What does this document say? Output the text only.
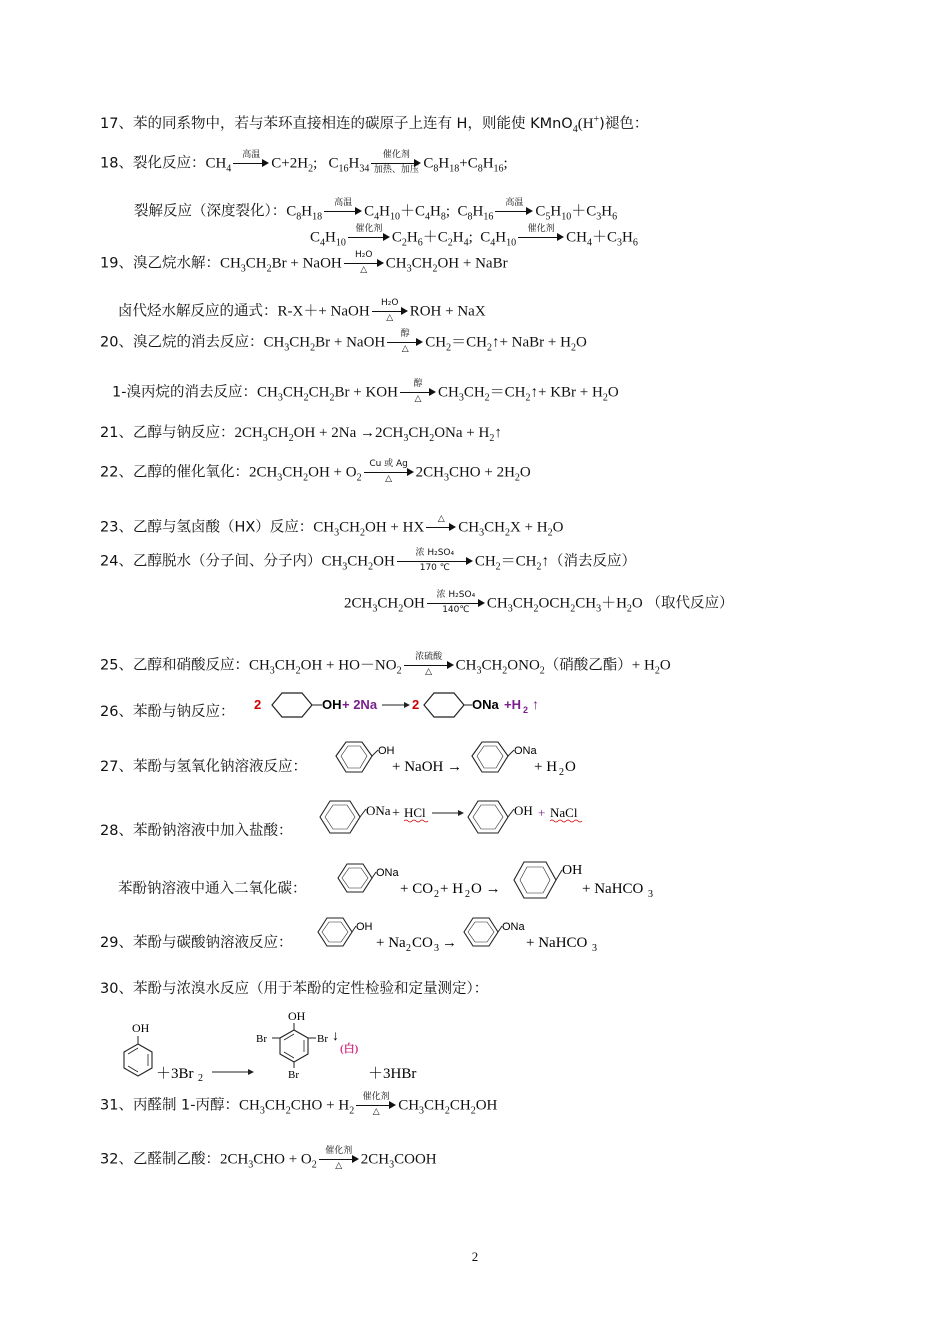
17、苯的同系物中，若与苯环直接相连的碳原子上连有 H，则能使 KMnO$_4$(H+)褪色：
18、裂化反应：$CH_4$
高温
$C+2H_2$;   $C_{16}H_{34}$
催化剂
加热、加压 $C_8H_{18}+C_8H_{16}$;
裂解反应（深度裂化）：$C_8H_{18}$
高温
$C_4H_{10}+C_4H_8$;  $C_8H_{16}$
高温
$C_5H_{10}+C_3H_6$
$C_4H_{10}$
催化剂
$C_2H_6+C_2H_4$;  $C_4H_{10}$
催化剂
$CH_4+C_3H_6$
19、溴乙烷水解：$CH_3CH_2Br$ + NaOH
H₂O
△	$CH_3CH_2OH$ + NaBr
卤代烃水解反应的通式：R-X＋+ NaOH
H₂O
△	ROH + NaX
20、溴乙烷的消去反应：$CH_3CH_2Br$ + NaOH
醇
△	$CH_2=CH_2↑+$ NaBr + $H_2O$
1-溴丙烷的消去反应：$CH_3CH_2CH_2Br$ + KOH
醇
△	$CH_3CH_2=CH_2↑+$ KBr + $H_2O$
21、乙醇与钠反应：$2CH_3CH_2OH + 2Na \to 2CH_3CH_2ONa$ + $H_2↑$
22、乙醇的催化氧化：$2CH_3CH_2OH + O_2$
Cu 或 Ag
△	$2CH_3CHO + 2H_2O$
23、乙醇与氢卤酸（HX）反应：$CH_3CH_2OH$ + HX
△
$CH_3CH_2X + H_2O$
24、乙醇脱水（分子间、分子内）$CH_3CH_2OH$
浓 H₂SO₄
170 ℃	$CH_2=CH_2↑$（消去反应）
$2CH_3CH_2OH$
浓 H₂SO₄
140℃	$CH_3CH_2OCH_2CH_3+H_2O$ （取代反应）
25、乙醇和硝酸反应：$CH_3CH_2OH + HO-NO_2$
浓硫酸
△	$CH_3CH_2ONO_2$（硝酸乙酯）+ $H_2O$
26、苯酚与钠反应： 2	OH + 2Na	2	ONa +H 2 ↑
27、苯酚与氢氧化钠溶液反应：
OH
+ NaOH →
ONa
+ H 2 O
28、苯酚钠溶液中加入盐酸：
ONa + HCl	OH + NaCl
苯酚钠溶液中通入二氧化碳：
ONa
+ CO 2 + H 2 O →
OH
+ NaHCO 3
29、苯酚与碳酸钠溶液反应：
OH
+ Na 2 CO 3 →
ONa
+ NaHCO 3
30、苯酚与浓溴水反应（用于苯酚的定性检验和定量测定）：
OH
＋3Br 2
OH
Br	Br
Br
↓
(白)
＋3HBr
31、丙醛制 1-丙醇：$CH_3CH_2CHO + H_2$
催化剂
△	$CH_3CH_2CH_2OH$
32、乙醛制乙酸：$2CH_3CHO + O_2$
催化剂
△	$2CH_3COOH$
2
